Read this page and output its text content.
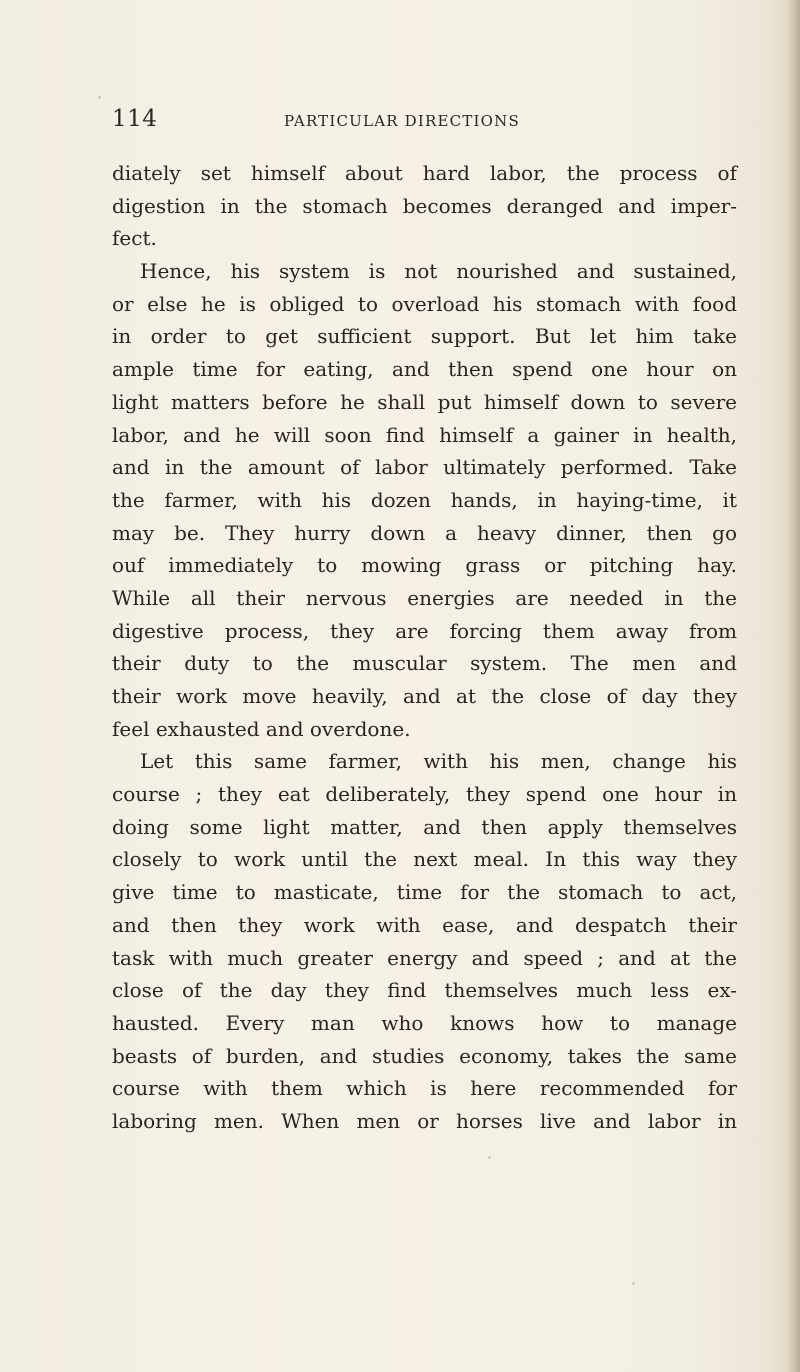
114	PARTICULAR DIRECTIONS
diately set himself about hard labor, the process of
digestion in the stomach becomes deranged and imper-
fect.
Hence, his system is not nourished and sustained,
or else he is obliged to overload his stomach with food
in order to get sufficient support. But let him take
ample time for eating, and then spend one hour on
light matters before he shall put himself down to severe
labor, and he will soon find himself a gainer in health,
and in the amount of labor ultimately performed. Take
the farmer, with his dozen hands, in haying-time, it
may be. They hurry down a heavy dinner, then go
ouf immediately to mowing grass or pitching hay.
While all their nervous energies are needed in the
digestive process, they are forcing them away from
their duty to the muscular system. The men and
their work move heavily, and at the close of day they
feel exhausted and overdone.
Let this same farmer, with his men, change his
course ; they eat deliberately, they spend one hour in
doing some light matter, and then apply themselves
closely to work until the next meal. In this way they
give time to masticate, time for the stomach to act,
and then they work with ease, and despatch their
task with much greater energy and speed ; and at the
close of the day they find themselves much less ex-
hausted. Every man who knows how to manage
beasts of burden, and studies economy, takes the same
course with them which is here recommended for
laboring men. When men or horses live and labor in
